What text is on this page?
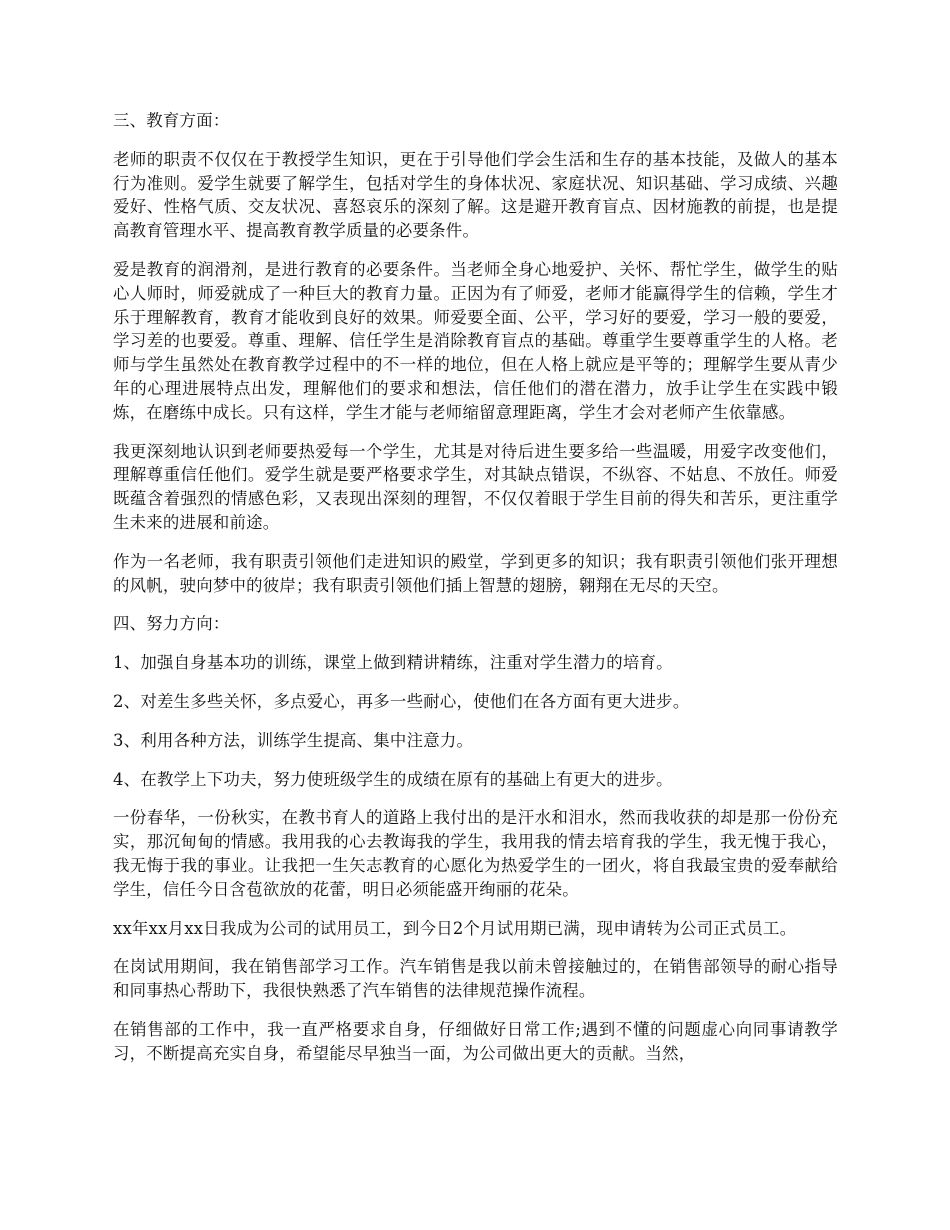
三、教育方面：

老师的职责不仅仅在于教授学生知识，更在于引导他们学会生活和生存的基本技能，及做人的基本行为准则。爱学生就要了解学生，包括对学生的身体状况、家庭状况、知识基础、学习成绩、兴趣爱好、性格气质、交友状况、喜怒哀乐的深刻了解。这是避开教育盲点、因材施教的前提，也是提高教育管理水平、提高教育教学质量的必要条件。

爱是教育的润滑剂，是进行教育的必要条件。当老师全身心地爱护、关怀、帮忙学生，做学生的贴心人师时，师爱就成了一种巨大的教育力量。正因为有了师爱，老师才能赢得学生的信赖，学生才乐于理解教育，教育才能收到良好的效果。师爱要全面、公平，学习好的要爱，学习一般的要爱，学习差的也要爱。尊重、理解、信任学生是消除教育盲点的基础。尊重学生要尊重学生的人格。老师与学生虽然处在教育教学过程中的不一样的地位，但在人格上就应是平等的；理解学生要从青少年的心理进展特点出发，理解他们的要求和想法，信任他们的潜在潜力，放手让学生在实践中锻炼，在磨练中成长。只有这样，学生才能与老师缩留意理距离，学生才会对老师产生依靠感。

我更深刻地认识到老师要热爱每一个学生，尤其是对待后进生要多给一些温暖，用爱字改变他们，理解尊重信任他们。爱学生就是要严格要求学生，对其缺点错误，不纵容、不姑息、不放任。师爱既蕴含着强烈的情感色彩，又表现出深刻的理智，不仅仅着眼于学生目前的得失和苦乐，更注重学生未来的进展和前途。

作为一名老师，我有职责引领他们走进知识的殿堂，学到更多的知识；我有职责引领他们张开理想的风帆，驶向梦中的彼岸；我有职责引领他们插上智慧的翅膀，翱翔在无尽的天空。

四、努力方向：

1、加强自身基本功的训练，课堂上做到精讲精练，注重对学生潜力的培育。

2、对差生多些关怀，多点爱心，再多一些耐心，使他们在各方面有更大进步。

3、利用各种方法，训练学生提高、集中注意力。

4、在教学上下功夫，努力使班级学生的成绩在原有的基础上有更大的进步。

一份春华，一份秋实，在教书育人的道路上我付出的是汗水和泪水，然而我收获的却是那一份份充实，那沉甸甸的情感。我用我的心去教诲我的学生，我用我的情去培育我的学生，我无愧于我心，我无悔于我的事业。让我把一生矢志教育的心愿化为热爱学生的一团火，将自我最宝贵的爱奉献给学生，信任今日含苞欲放的花蕾，明日必须能盛开绚丽的花朵。

xx年xx月xx日我成为公司的试用员工，到今日2个月试用期已满，现申请转为公司正式员工。

在岗试用期间，我在销售部学习工作。汽车销售是我以前未曾接触过的，在销售部领导的耐心指导和同事热心帮助下，我很快熟悉了汽车销售的法律规范操作流程。

在销售部的工作中，我一直严格要求自身，仔细做好日常工作;遇到不懂的问题虚心向同事请教学习，不断提高充实自身，希望能尽早独当一面，为公司做出更大的贡献。当然，
